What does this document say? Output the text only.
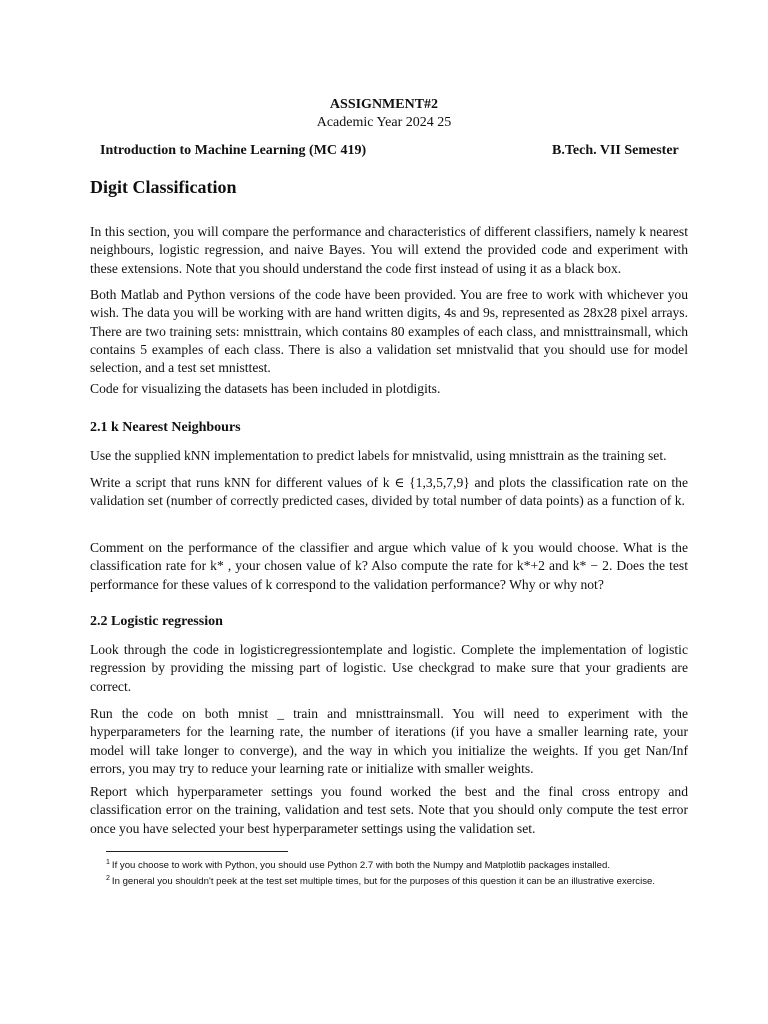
ASSIGNMENT#2

Academic Year 2024 25

Introduction to Machine Learning (MC 419)	B.Tech. VII Semester

Digit Classification

In this section, you will compare the performance and characteristics of different classifiers, namely k nearest neighbours, logistic regression, and naive Bayes. You will extend the provided code and experiment with these extensions. Note that you should understand the code first instead of using it as a black box.

Both Matlab and Python versions of the code have been provided. You are free to work with whichever you wish. The data you will be working with are hand written digits, 4s and 9s, represented as 28x28 pixel arrays. There are two training sets: mnisttrain, which contains 80 examples of each class, and mnisttrainsmall, which contains 5 examples of each class. There is also a validation set mnistvalid that you should use for model selection, and a test set mnisttest.

Code for visualizing the datasets has been included in plotdigits.

2.1 k Nearest Neighbours

Use the supplied kNN implementation to predict labels for mnistvalid, using mnisttrain as the training set.

Write a script that runs kNN for different values of k ∈ {1,3,5,7,9} and plots the classification rate on the validation set (number of correctly predicted cases, divided by total number of data points) as a function of k.

Comment on the performance of the classifier and argue which value of k you would choose. What is the classification rate for k* , your chosen value of k? Also compute the rate for k*+2 and k* − 2. Does the test performance for these values of k correspond to the validation performance? Why or why not?

2.2 Logistic regression

Look through the code in logisticregressiontemplate and logistic. Complete the implementation of logistic regression by providing the missing part of logistic. Use checkgrad to make sure that your gradients are correct.

Run the code on both mnist _ train and mnisttrainsmall. You will need to experiment with the hyperparameters for the learning rate, the number of iterations (if you have a smaller learning rate, your model will take longer to converge), and the way in which you initialize the weights. If you get Nan/Inf errors, you may try to reduce your learning rate or initialize with smaller weights.

Report which hyperparameter settings you found worked the best and the final cross entropy and classification error on the training, validation and test sets. Note that you should only compute the test error once you have selected your best hyperparameter settings using the validation set.

$^1$ If you choose to work with Python, you should use Python 2.7 with both the Numpy and Matplotlib packages installed.

$^2$ In general you shouldn't peek at the test set multiple times, but for the purposes of this question it can be an illustrative exercise.
